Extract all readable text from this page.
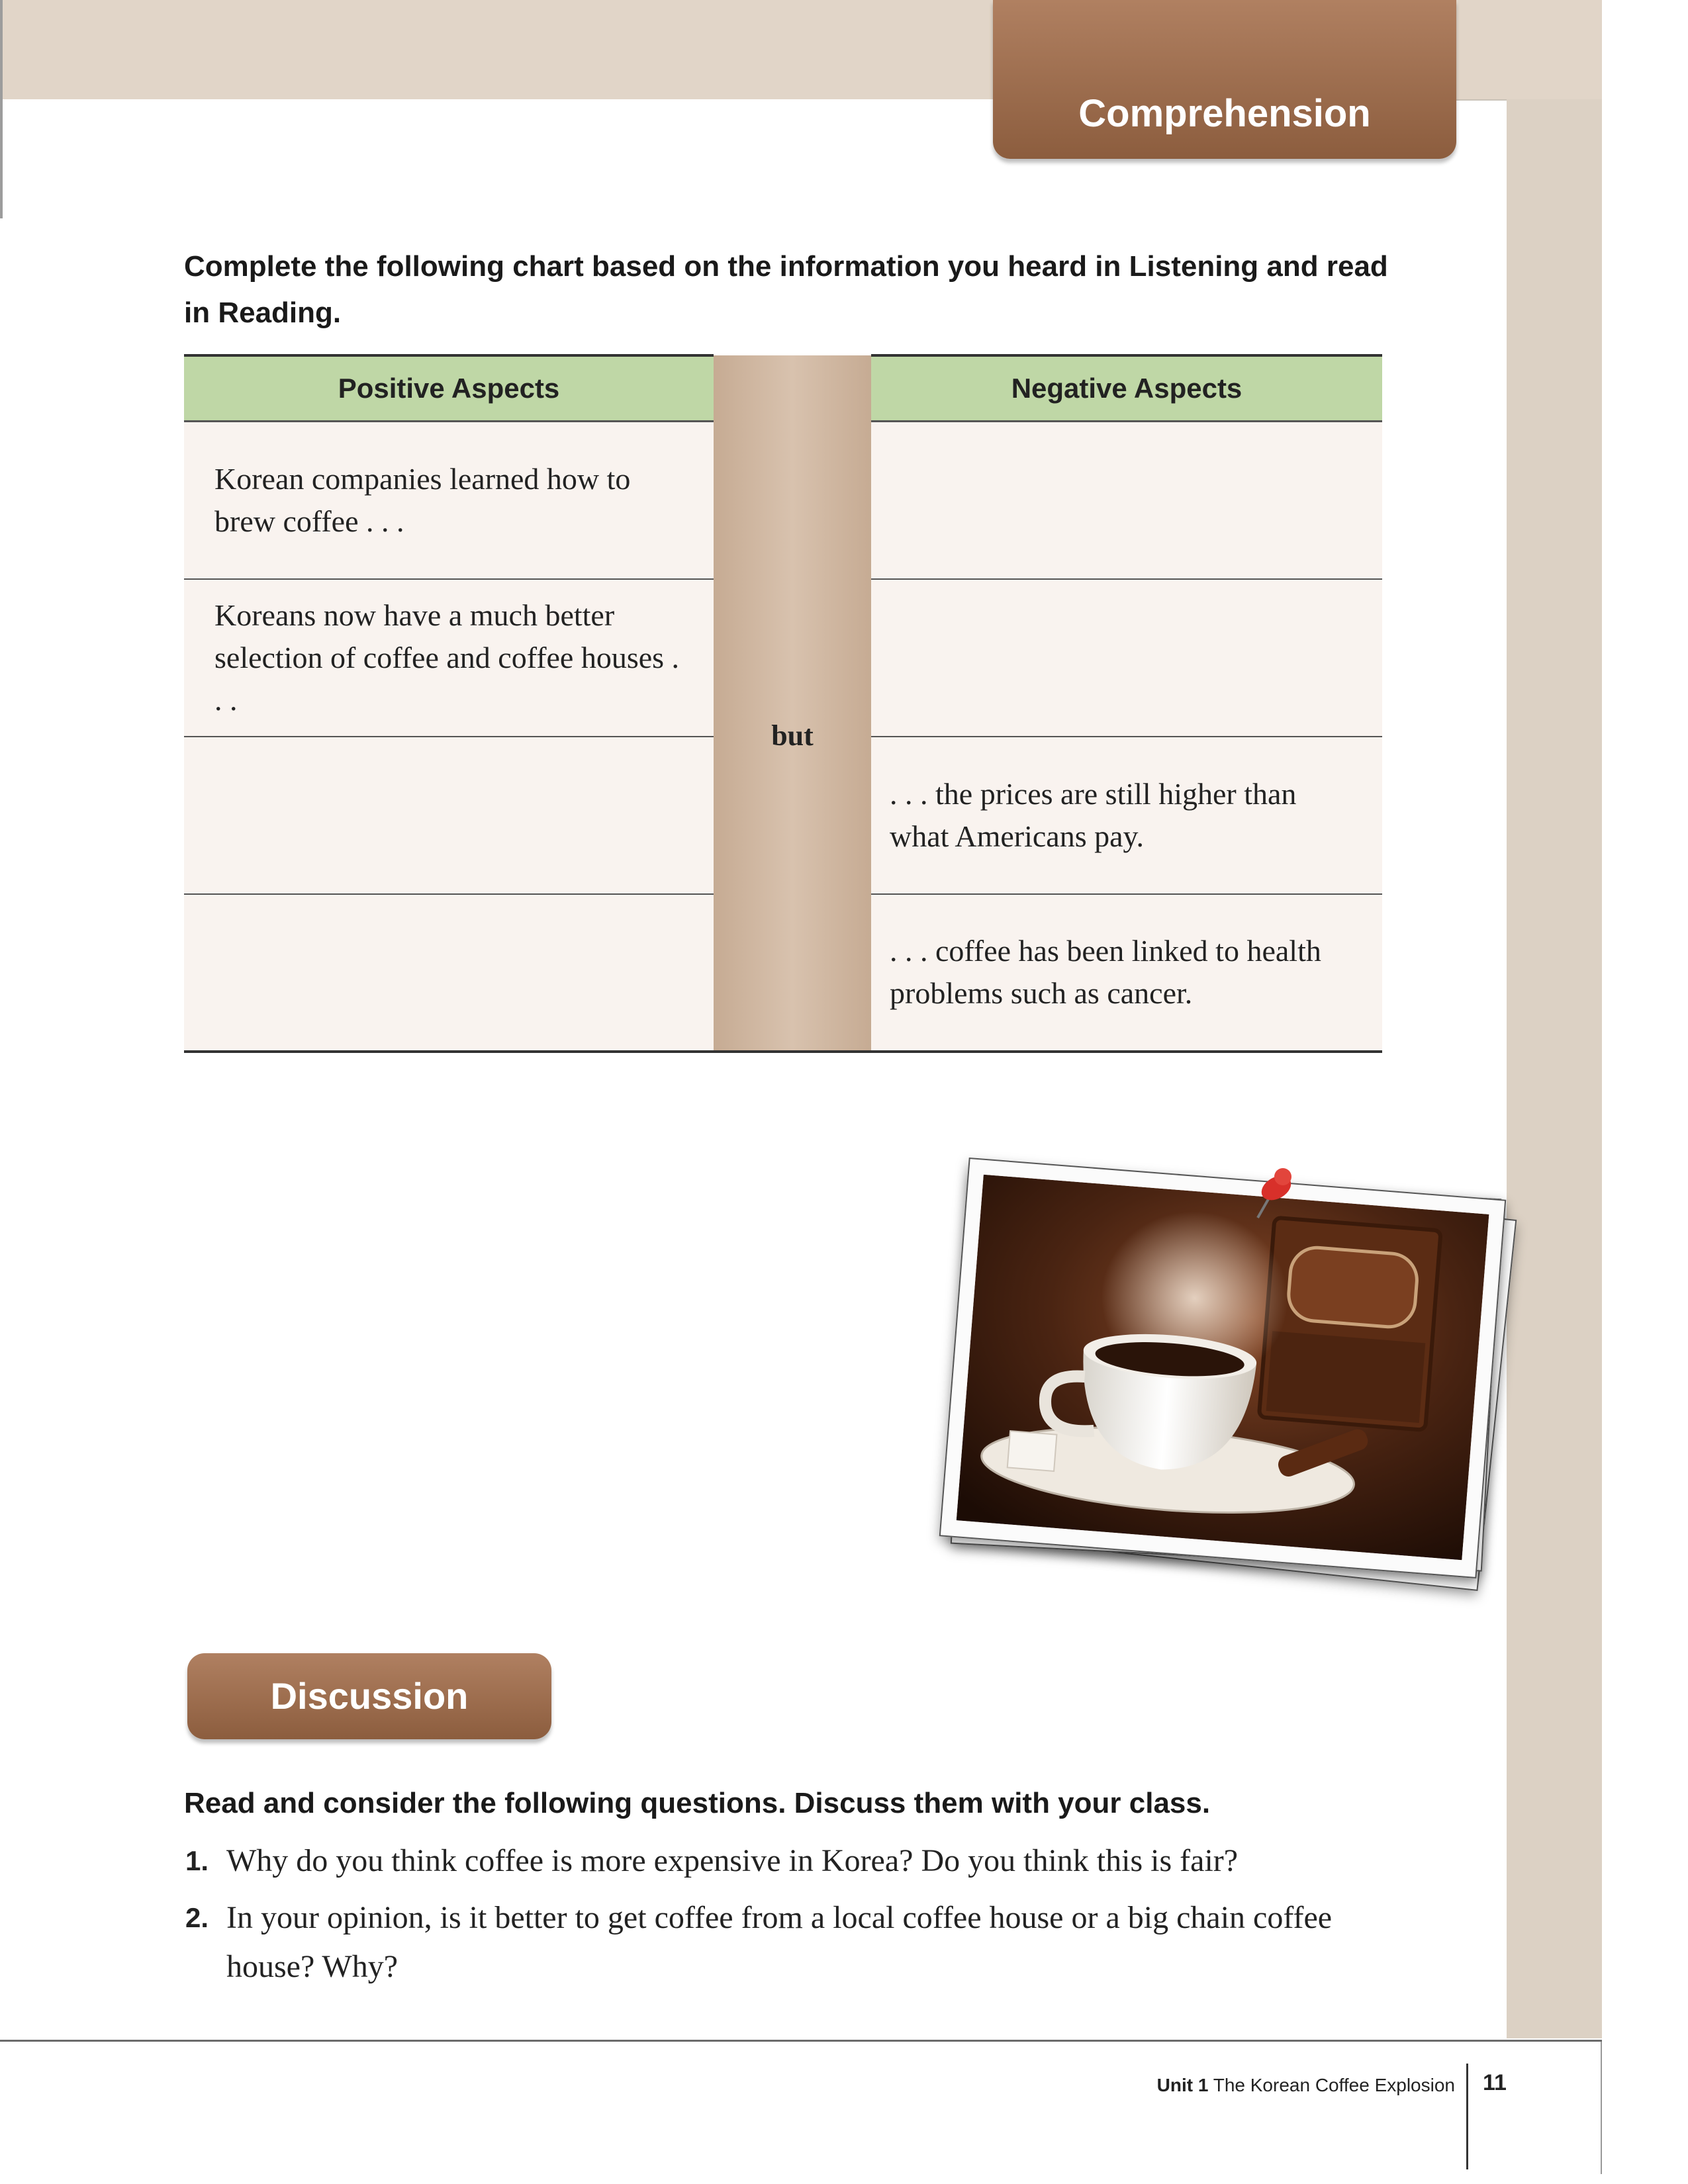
Comprehension

Complete the following chart based on the information you heard in Listening and read in Reading.

Positive Aspects		Negative Aspects
Korean companies learned how to brew coffee . . .	but	
Koreans now have a much better selection of coffee and coffee houses . . .		
		. . . the prices are still higher than what Americans pay.
		. . . coffee has been linked to health problems such as cancer.
Discussion

Read and consider the following questions. Discuss them with your class.

1. Why do you think coffee is more expensive in Korea? Do you think this is fair?
2. In your opinion, is it better to get coffee from a local coffee house or a big chain coffee house? Why?
Unit 1 The Korean Coffee Explosion 11
